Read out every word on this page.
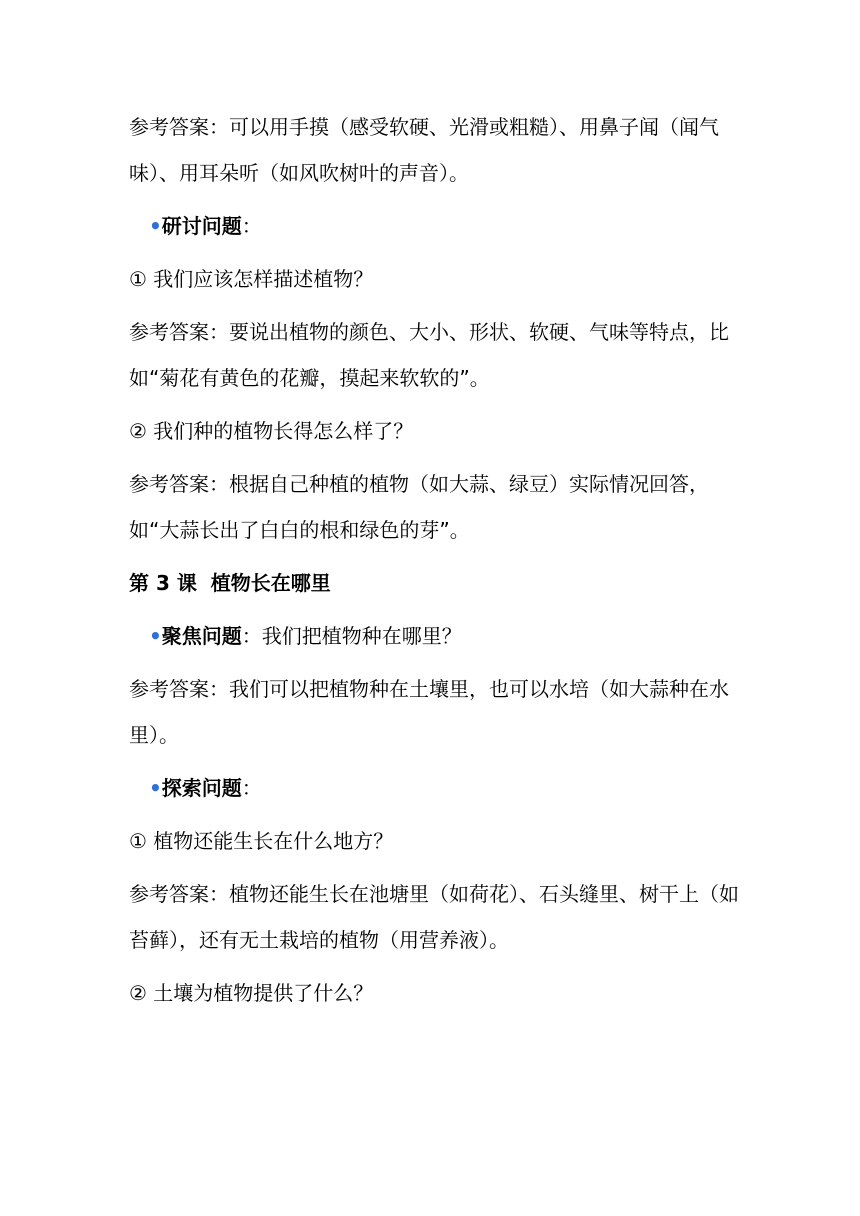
参考答案：可以用手摸（感受软硬、光滑或粗糙）、用鼻子闻（闻气味）、用耳朵听（如风吹树叶的声音）。

•研讨问题：

① 我们应该怎样描述植物？

参考答案：要说出植物的颜色、大小、形状、软硬、气味等特点，比如“菊花有黄色的花瓣，摸起来软软的”。

② 我们种的植物长得怎么样了？

参考答案：根据自己种植的植物（如大蒜、绿豆）实际情况回答，如“大蒜长出了白白的根和绿色的芽”。

第 3 课  植物长在哪里

•聚焦问题：我们把植物种在哪里？

参考答案：我们可以把植物种在土壤里，也可以水培（如大蒜种在水里）。

•探索问题：

① 植物还能生长在什么地方？

参考答案：植物还能生长在池塘里（如荷花）、石头缝里、树干上（如苔藓），还有无土栽培的植物（用营养液）。

② 土壤为植物提供了什么？
